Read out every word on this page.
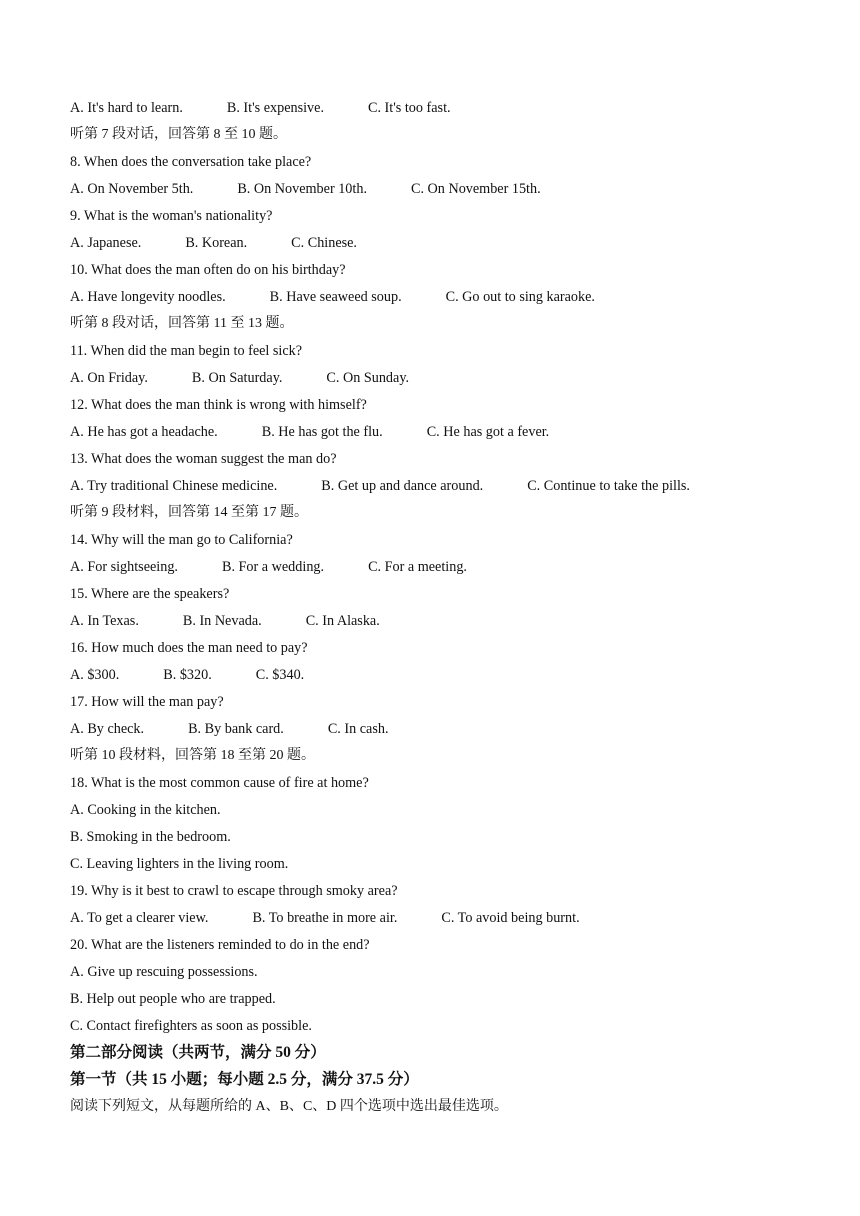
A. It's hard to learn.	B. It's expensive.	C. It's too fast.
听第 7 段对话，回答第 8 至 10 题。
8. When does the conversation take place?
A. On November 5th.	B. On November 10th.	C. On November 15th.
9. What is the woman's nationality?
A. Japanese.	B. Korean.	C. Chinese.
10. What does the man often do on his birthday?
A. Have longevity noodles.	B. Have seaweed soup.	C. Go out to sing karaoke.
听第 8 段对话，回答第 11 至 13 题。
11. When did the man begin to feel sick?
A. On Friday.	B. On Saturday.	C. On Sunday.
12. What does the man think is wrong with himself?
A. He has got a headache.	B. He has got the flu.	C. He has got a fever.
13. What does the woman suggest the man do?
A. Try traditional Chinese medicine.	B. Get up and dance around.	C. Continue to take the pills.
听第 9 段材料，回答第 14 至第 17 题。
14. Why will the man go to California?
A. For sightseeing.	B. For a wedding.	C. For a meeting.
15. Where are the speakers?
A. In Texas.	B. In Nevada.	C. In Alaska.
16. How much does the man need to pay?
A. $300.	B. $320.	C. $340.
17. How will the man pay?
A. By check.	B. By bank card.	C. In cash.
听第 10 段材料，回答第 18 至第 20 题。
18. What is the most common cause of fire at home?
A. Cooking in the kitchen.
B. Smoking in the bedroom.
C. Leaving lighters in the living room.
19. Why is it best to crawl to escape through smoky area?
A. To get a clearer view.	B. To breathe in more air.	C. To avoid being burnt.
20. What are the listeners reminded to do in the end?
A. Give up rescuing possessions.
B. Help out people who are trapped.
C. Contact firefighters as soon as possible.
第二部分阅读（共两节，满分 50 分）
第一节（共 15 小题；每小题 2.5 分，满分 37.5 分）
阅读下列短文，从每题所给的 A、B、C、D 四个选项中选出最佳选项。
